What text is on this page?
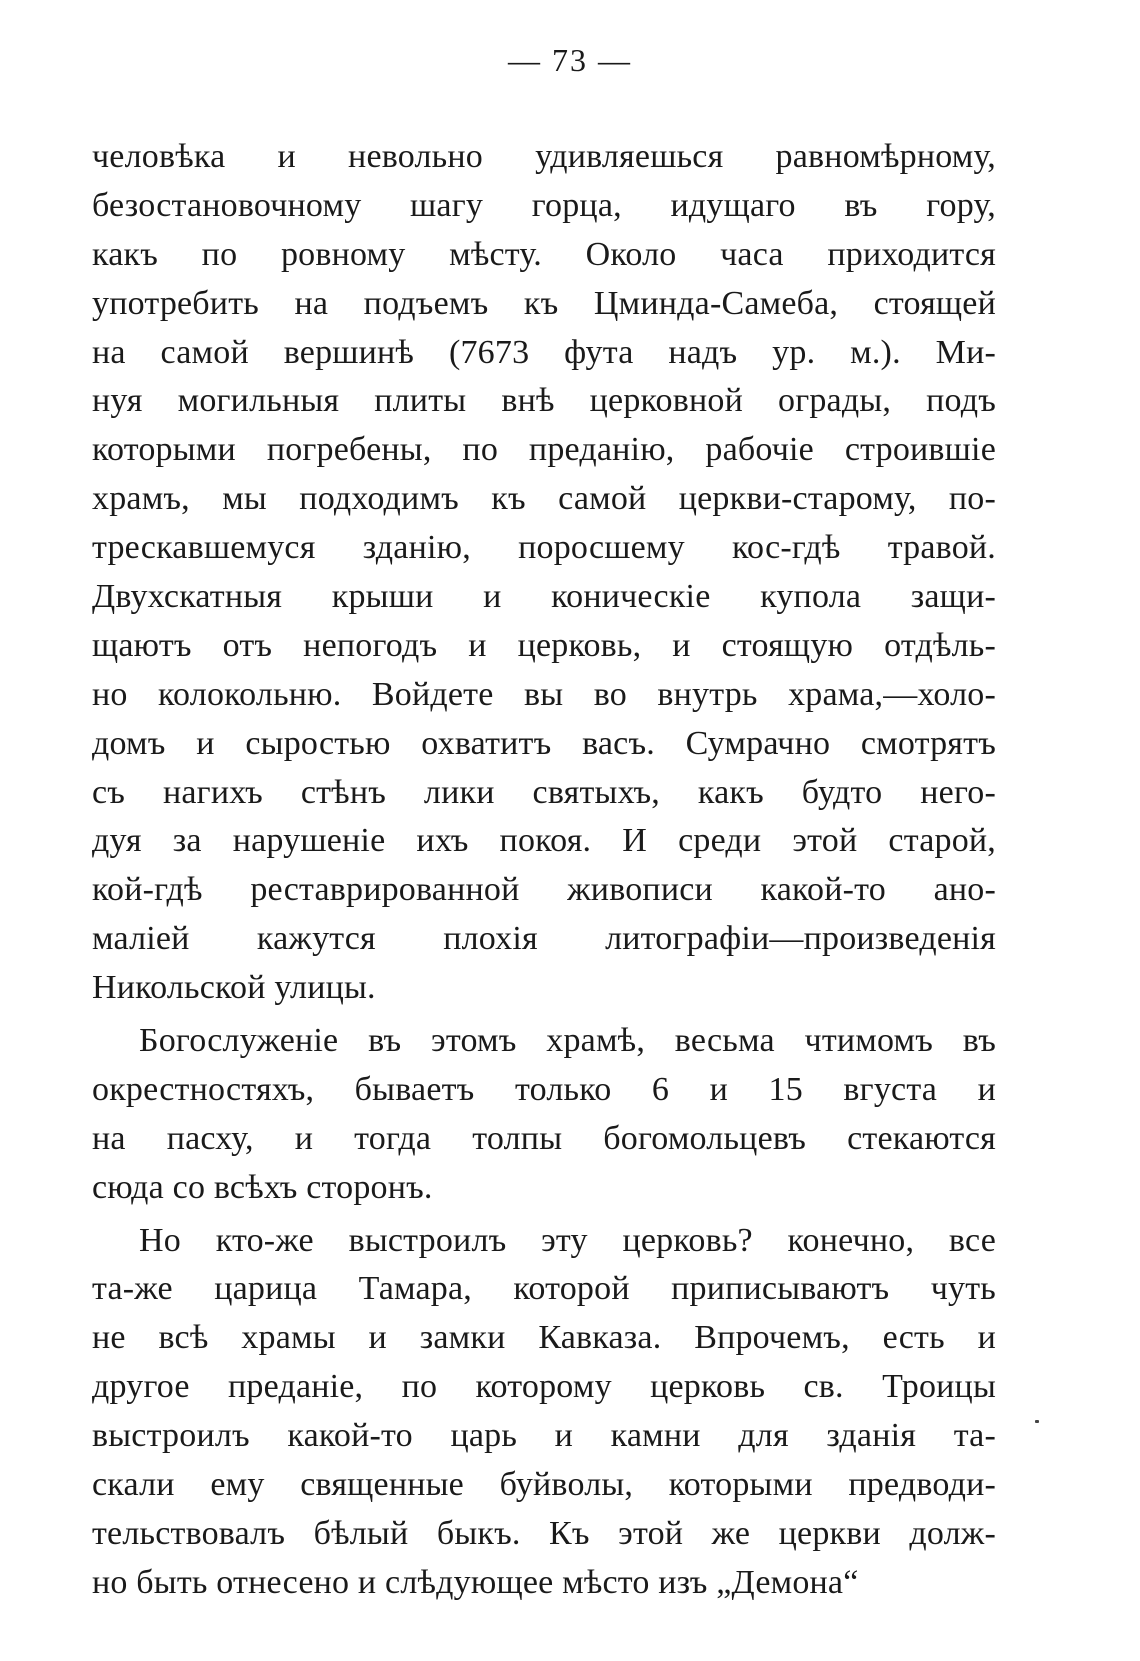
— 73 —
человѣка и невольно удивляешься равномѣрному,
безостановочному шагу горца, идущаго въ гору,
какъ по ровному мѣсту. Около часа приходится
употребить на подъемъ къ Цминда-Самеба, стоящей
на самой вершинѣ (7673 фута надъ ур. м.). Ми-
нуя могильныя плиты внѣ церковной ограды, подъ
которыми погребены, по преданію, рабочіе строившіе
храмъ, мы подходимъ къ самой церкви-старому, по-
трескавшемуся зданію, поросшему кос-гдѣ травой.
Двухскатныя крыши и коническіе купола защи-
щаютъ отъ непогодъ и церковь, и стоящую отдѣль-
но колокольню. Войдете вы во внутрь храма,—холо-
домъ и сыростью охватитъ васъ. Сумрачно смотрятъ
съ нагихъ стѣнъ лики святыхъ, какъ будто него-
дуя за нарушеніе ихъ покоя. И среди этой старой,
кой-гдѣ реставрированной живописи какой-то ано-
маліей кажутся плохія литографіи—произведенія
Никольской улицы.
Богослуженіе въ этомъ храмѣ, весьма чтимомъ въ
окрестностяхъ, бываетъ только 6 и 15 вгуста и
на пасху, и тогда толпы богомольцевъ стекаются
сюда со всѣхъ сторонъ.
Но кто-же выстроилъ эту церковь? конечно, все
та-же царица Тамара, которой приписываютъ чуть
не всѣ храмы и замки Кавказа. Впрочемъ, есть и
другое преданіе, по которому церковь св. Троицы
выстроилъ какой-то царь и камни для зданія та-
скали ему священные буйволы, которыми предводи-
тельствовалъ бѣлый быкъ. Къ этой же церкви долж-
но быть отнесено и слѣдующее мѣсто изъ „Демона“
